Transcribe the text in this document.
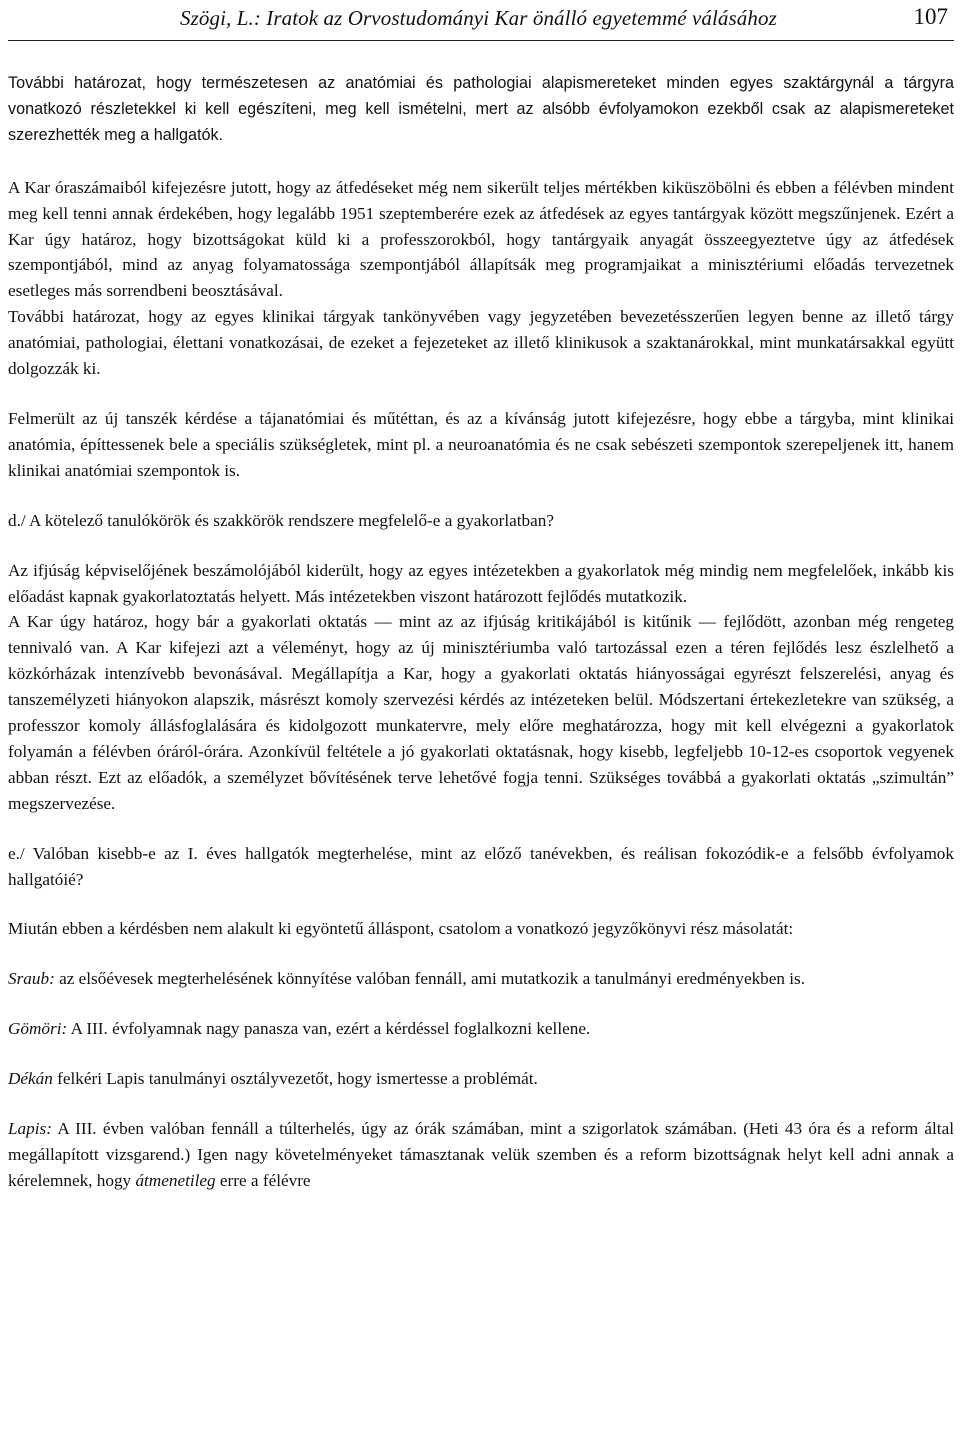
Szögi, L.: Iratok az Orvostudományi Kar önálló egyetemmé válásához	107

További határozat, hogy természetesen az anatómiai és pathologiai alapismereteket minden egyes szaktárgynál a tárgyra vonatkozó részletekkel ki kell egészíteni, meg kell ismételni, mert az alsóbb évfolyamokon ezekből csak az alapismereteket szerezhették meg a hallgatók.

A Kar óraszámaiból kifejezésre jutott, hogy az átfedéseket még nem sikerült teljes mértékben kiküszöbölni és ebben a félévben mindent meg kell tenni annak érdekében, hogy legalább 1951 szeptemberére ezek az átfedések az egyes tantárgyak között megszűnjenek. Ezért a Kar úgy határoz, hogy bizottságokat küld ki a professzorokból, hogy tantárgyaik anyagát összeegyeztetve úgy az átfedések szempontjából, mind az anyag folyamatossága szempontjából állapítsák meg programjaikat a minisztériumi előadás tervezetnek esetleges más sorrendbeni beosztásával.

További határozat, hogy az egyes klinikai tárgyak tankönyvében vagy jegyzetében bevezetésszerűen legyen benne az illető tárgy anatómiai, pathologiai, élettani vonatkozásai, de ezeket a fejezeteket az illető klinikusok a szaktanárokkal, mint munkatársakkal együtt dolgozzák ki.

Felmerült az új tanszék kérdése a tájanatómiai és műtéttan, és az a kívánság jutott kifejezésre, hogy ebbe a tárgyba, mint klinikai anatómia, építtessenek bele a speciális szükségletek, mint pl. a neuroanatómia és ne csak sebészeti szempontok szerepeljenek itt, hanem klinikai anatómiai szempontok is.

d./ A kötelező tanulókörök és szakkörök rendszere megfelelő-e a gyakorlatban?

Az ifjúság képviselőjének beszámolójából kiderült, hogy az egyes intézetekben a gyakorlatok még mindig nem megfelelőek, inkább kis előadást kapnak gyakorlatoztatás helyett. Más intézetekben viszont határozott fejlődés mutatkozik.

A Kar úgy határoz, hogy bár a gyakorlati oktatás — mint az az ifjúság kritikájából is kitűnik — fejlődött, azonban még rengeteg tennivaló van. A Kar kifejezi azt a véleményt, hogy az új minisztériumba való tartozással ezen a téren fejlődés lesz észlelhető a közkórházak intenzívebb bevonásával. Megállapítja a Kar, hogy a gyakorlati oktatás hiányosságai egyrészt felszerelési, anyag és tanszemélyzeti hiányokon alapszik, másrészt komoly szervezési kérdés az intézeteken belül. Módszertani értekezletekre van szükség, a professzor komoly állásfoglalására és kidolgozott munkatervre, mely előre meghatározza, hogy mit kell elvégezni a gyakorlatok folyamán a félévben óráról-órára. Azonkívül feltétele a jó gyakorlati oktatásnak, hogy kisebb, legfeljebb 10-12-es csoportok vegyenek abban részt. Ezt az előadók, a személyzet bővítésének terve lehetővé fogja tenni. Szükséges továbbá a gyakorlati oktatás „szimultán” megszervezése.

e./ Valóban kisebb-e az I. éves hallgatók megterhelése, mint az előző tanévekben, és reálisan fokozódik-e a felsőbb évfolyamok hallgatóié?

Miután ebben a kérdésben nem alakult ki egyöntetű álláspont, csatolom a vonatkozó jegyzőkönyvi rész másolatát:

Sraub: az elsőévesek megterhelésének könnyítése valóban fennáll, ami mutatkozik a tanulmányi eredményekben is.

Gömöri: A III. évfolyamnak nagy panasza van, ezért a kérdéssel foglalkozni kellene.

Dékán felkéri Lapis tanulmányi osztályvezetőt, hogy ismertesse a problémát.

Lapis: A III. évben valóban fennáll a túlterhelés, úgy az órák számában, mint a szigorlatok számában. (Heti 43 óra és a reform által megállapított vizsgarend.) Igen nagy követelményeket támasztanak velük szemben és a reform bizottságnak helyt kell adni annak a kérelemnek, hogy átmenetileg erre a félévre
